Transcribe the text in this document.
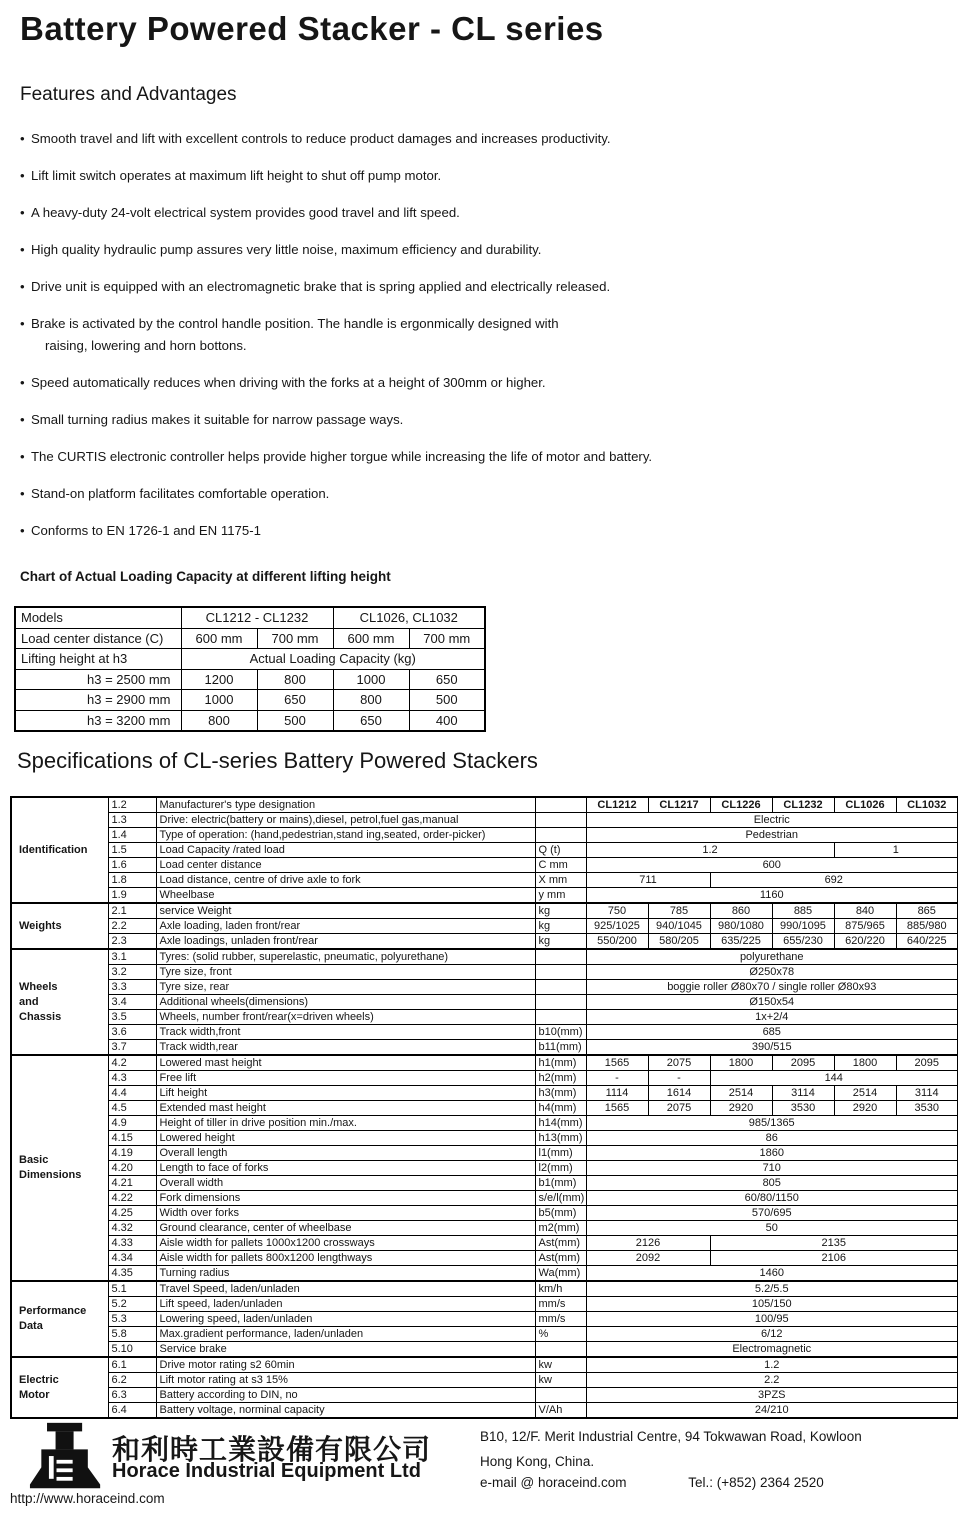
Battery Powered Stacker - CL series
Features and Advantages
• Smooth travel and lift with excellent controls to reduce product damages and increases productivity.
• Lift limit switch operates at maximum lift height to shut off pump motor.
• A heavy-duty 24-volt electrical system provides good travel and lift speed.
• High quality hydraulic pump assures very little noise, maximum efficiency and durability.
• Drive unit is equipped with an electromagnetic brake that is spring applied and electrically released.
• Brake is activated by the control handle position. The handle is ergonmically designed with
raising, lowering and horn bottons.
• Speed automatically reduces when driving with the forks at a height of 300mm or higher.
• Small turning radius makes it suitable for narrow passage ways.
• The CURTIS electronic controller helps provide higher torgue while increasing the life of motor and battery.
• Stand-on platform facilitates comfortable operation.
• Conforms to EN 1726-1 and EN 1175-1
Chart of Actual Loading Capacity at different lifting height
Models	CL1212 - CL1232		CL1026, CL1032	
Load center distance (C)	600 mm	700 mm	600 mm	700 mm
Lifting height at h3	Actual Loading Capacity (kg)			
h3 = 2500 mm	1200	800	1000	650
h3 = 2900 mm	1000	650	800	500
h3 = 3200 mm	800	500	650	400
Specifications of CL-series Battery Powered Stackers
Identification	1.2	Manufacturer's type designation		CL1212	CL1217	CL1226	CL1232	CL1026	CL1032
	1.3	Drive: electric(battery or mains),diesel, petrol,fuel gas,manual		Electric					
	1.4	Type of operation: (hand,pedestrian,stand ing,seated, order-picker)		Pedestrian					
	1.5	Load Capacity /rated load	Q (t)	1.2				1	
	1.6	Load center distance	C mm	600					
	1.8	Load distance, centre of drive axle to fork	X mm	711		692			
	1.9	Wheelbase	y mm	1160					

Weights	2.1	service Weight	kg	750	785	860	885	840	865
	2.2	Axle loading, laden front/rear	kg	925/1025	940/1045	980/1080	990/1095	875/965	885/980
	2.3	Axle loadings, unladen front/rear	kg	550/200	580/205	635/225	655/230	620/220	640/225

Wheels
and
Chassis	3.1	Tyres: (solid rubber, superelastic, pneumatic, polyurethane)		polyurethane					
	3.2	Tyre size, front		Ø250x78					
	3.3	Tyre size, rear		boggie roller Ø80x70 / single roller Ø80x93					
	3.4	Additional wheels(dimensions)		Ø150x54					
	3.5	Wheels, number front/rear(x=driven wheels)		1x+2/4					
	3.6	Track width,front	b10(mm)	685					
	3.7	Track width,rear	b11(mm)	390/515					

Basic
Dimensions	4.2	Lowered mast height	h1(mm)	1565	2075	1800	2095	1800	2095
	4.3	Free lift	h2(mm)	-	-	144			
	4.4	Lift height	h3(mm)	1114	1614	2514	3114	2514	3114
	4.5	Extended mast height	h4(mm)	1565	2075	2920	3530	2920	3530
	4.9	Height of tiller in drive position min./max.	h14(mm)	985/1365					
	4.15	Lowered height	h13(mm)	86					
	4.19	Overall length	l1(mm)	1860					
	4.20	Length to face of forks	l2(mm)	710					
	4.21	Overall width	b1(mm)	805					
	4.22	Fork dimensions	s/e/l(mm)	60/80/1150					
	4.25	Width over forks	b5(mm)	570/695					
	4.32	Ground clearance, center of wheelbase	m2(mm)	50					
	4.33	Aisle width for pallets 1000x1200 crossways	Ast(mm)	2126		2135			
	4.34	Aisle width for pallets 800x1200 lengthways	Ast(mm)	2092		2106			
	4.35	Turning radius	Wa(mm)	1460					

Performance
Data	5.1	Travel Speed, laden/unladen	km/h	5.2/5.5					
	5.2	Lift speed, laden/unladen	mm/s	105/150					
	5.3	Lowering speed, laden/unladen	mm/s	100/95					
	5.8	Max.gradient performance, laden/unladen	%	6/12					
	5.10	Service brake		Electromagnetic					

Electric
Motor	6.1	Drive motor rating s2 60min	kw	1.2					
	6.2	Lift motor rating at s3 15%	kw	2.2					
	6.3	Battery according to DIN, no		3PZS					
	6.4	Battery voltage, norminal capacity	V/Ah	24/210					
和利時工業設備有限公司
Horace Industrial Equipment Ltd
http://www.horaceind.com
B10, 12/F. Merit Industrial Centre, 94 Tokwawan Road, Kowloon
Hong Kong, China.
e-mail @ horaceind.com	Tel.: (+852) 2364 2520
